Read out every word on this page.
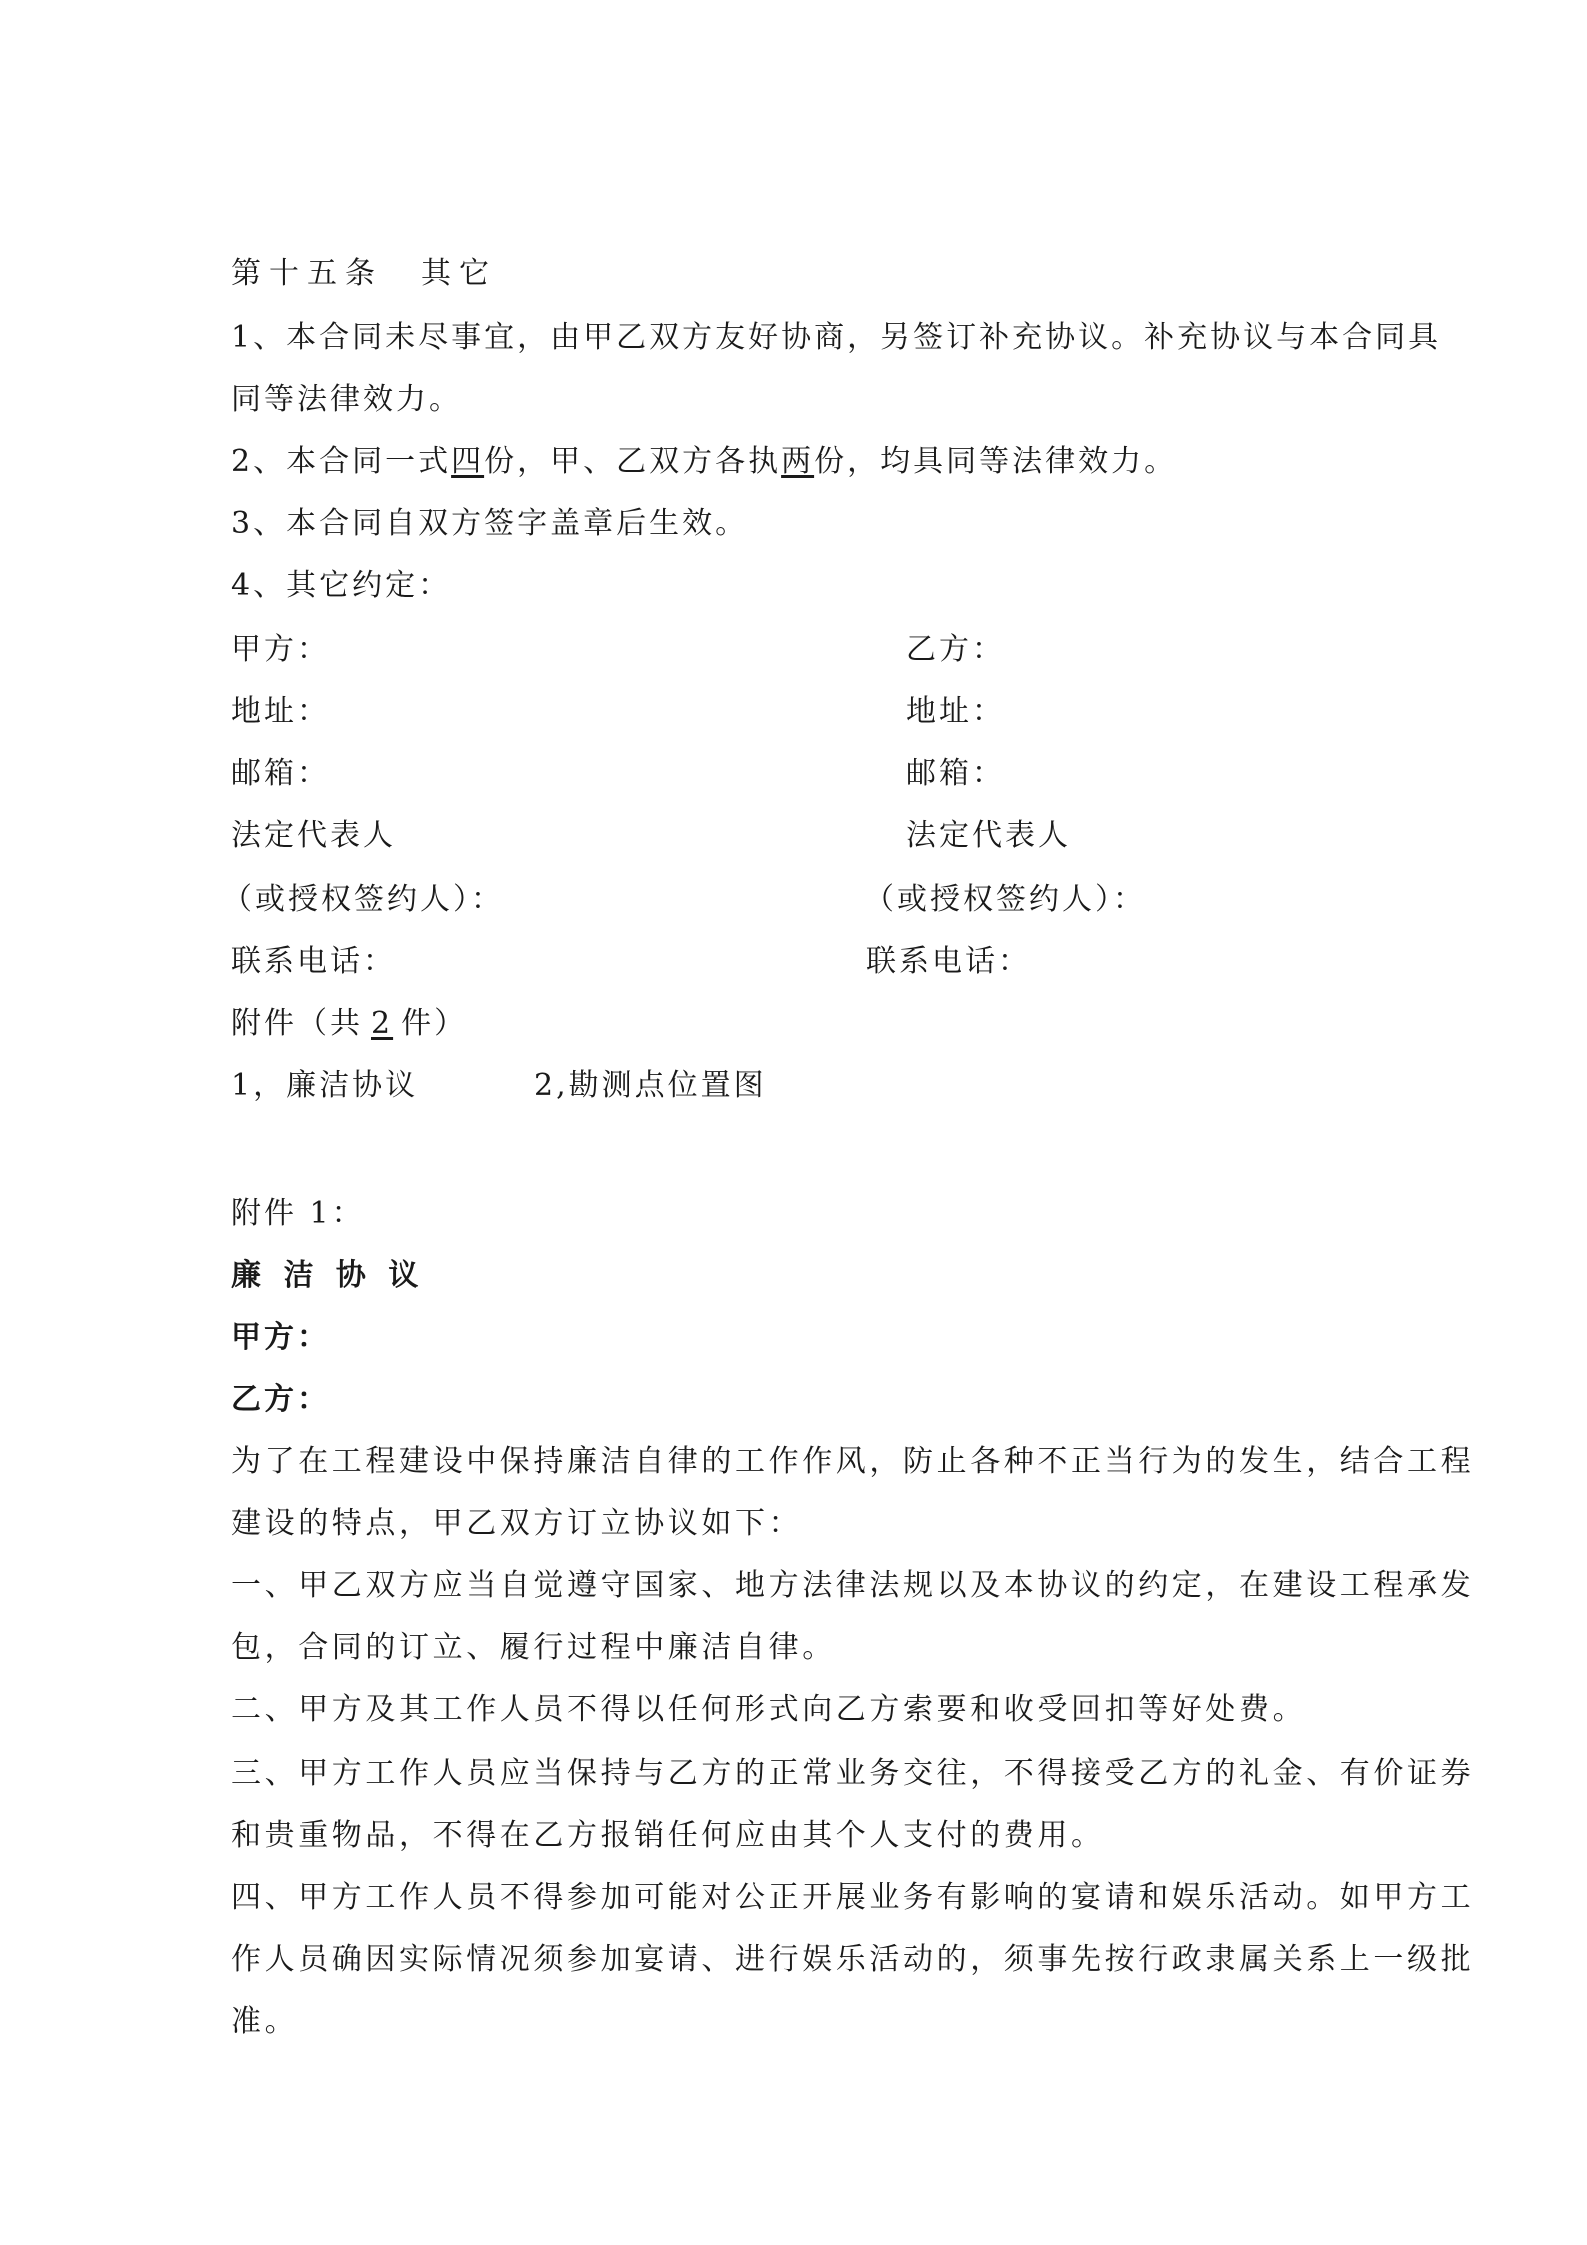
第十五条 其它
1、本合同未尽事宜，由甲乙双方友好协商，另签订补充协议。补充协议与本合同具
同等法律效力。
2、本合同一式四份，甲、乙双方各执两份，均具同等法律效力。
3、本合同自双方签字盖章后生效。
4、其它约定：
甲方：	乙方：
地址：	地址：
邮箱：	邮箱：
法定代表人	法定代表人
（或授权签约人）：	（或授权签约人）：
联系电话：	联系电话：
附件（共 2 件）
1，廉洁协议	2,勘测点位置图
附件 1：
廉 洁 协 议
甲方：
乙方：
为了在工程建设中保持廉洁自律的工作作风，防止各种不正当行为的发生，结合工程
建设的特点，甲乙双方订立协议如下：
一、甲乙双方应当自觉遵守国家、地方法律法规以及本协议的约定，在建设工程承发
包，合同的订立、履行过程中廉洁自律。
二、甲方及其工作人员不得以任何形式向乙方索要和收受回扣等好处费。
三、甲方工作人员应当保持与乙方的正常业务交往，不得接受乙方的礼金、有价证券
和贵重物品，不得在乙方报销任何应由其个人支付的费用。
四、甲方工作人员不得参加可能对公正开展业务有影响的宴请和娱乐活动。如甲方工
作人员确因实际情况须参加宴请、进行娱乐活动的，须事先按行政隶属关系上一级批
准。
